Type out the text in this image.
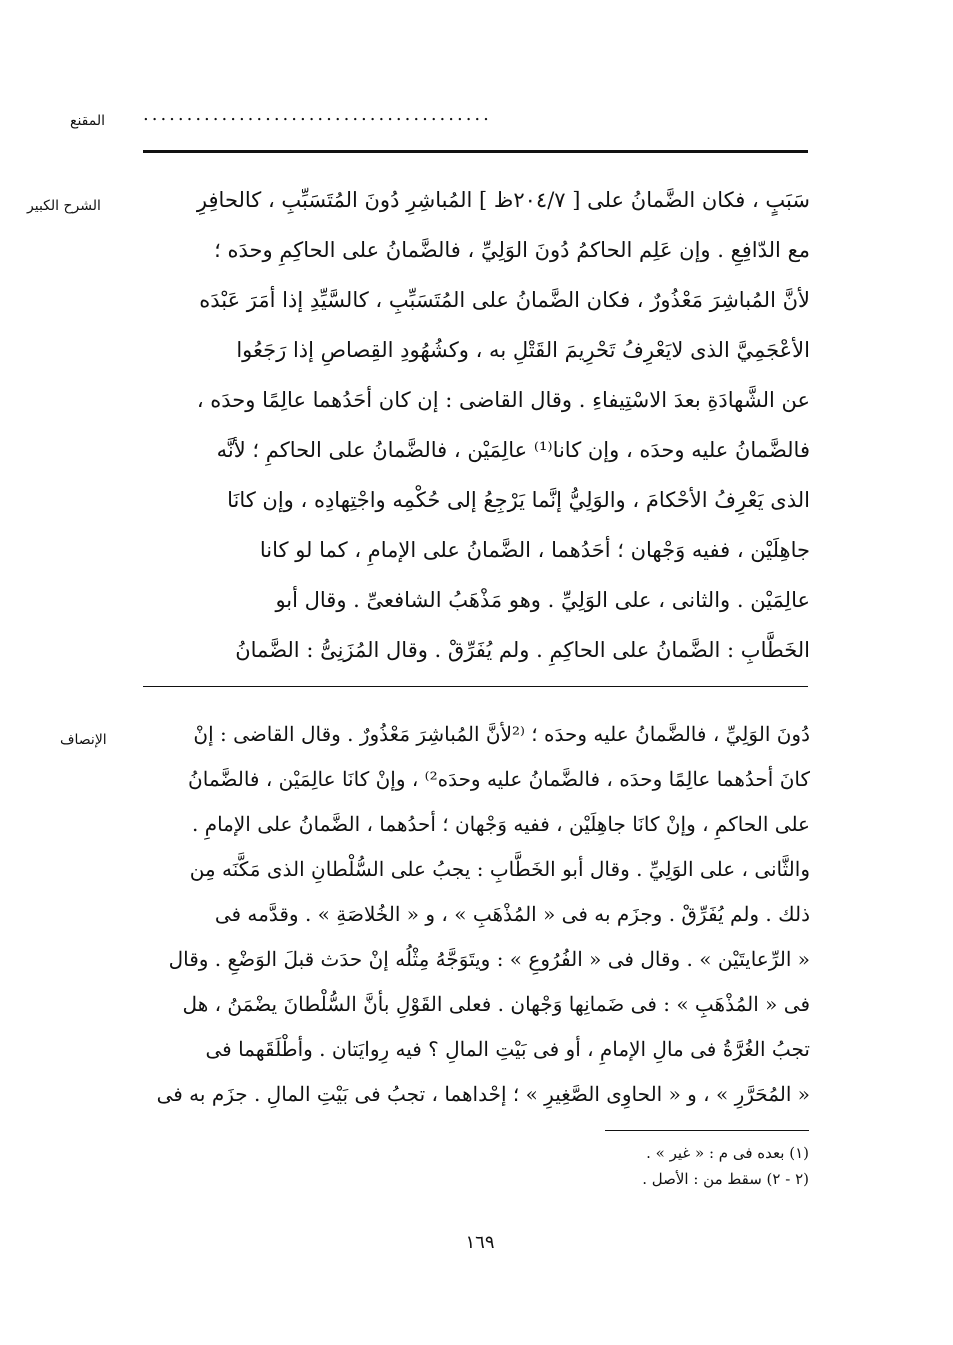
المقنع ........................................
الشرح الكبير	سَبَبٍ ، فكان الضَّمانُ على [ ٢٠٤/٧ظ ] المُباشِرِ دُونَ المُتَسَبِّبِ ، كالحافِرِ
مع الدّافِعِ . وإن عَلِم الحاكمُ دُونَ الوَلِيِّ ، فالضَّمانُ على الحاكِمِ وحدَه ؛
لأنَّ المُباشِرَ مَعْذُورٌ ، فكان الضَّمانُ على المُتَسَبِّبِ ، كالسَّيِّدِ إذا أمَرَ عَبْدَه
الأعْجَمِيَّ الذى لايَعْرِفُ تَحْرِيمَ القَتْلِ به ، وكشُهُودِ القِصاصِ إذا رَجَعُوا
عن الشَّهادَةِ بعدَ الاسْتِيفاءِ . وقال القاضى : إن كان أحَدُهما عالِمًا وحدَه ،
فالضَّمانُ عليه وحدَه ، وإن كانا⁽¹⁾ عالِمَيْن ، فالضَّمانُ على الحاكمِ ؛ لأنَّه
الذى يَعْرِفُ الأحْكامَ ، والوَلِيُّ إنَّما يَرْجِعُ إلى حُكْمِه واجْتِهادِه ، وإن كانَا
جاهِلَيْن ، ففيه وَجْهان ؛ أحَدُهما ، الضَّمانُ على الإمامِ ، كما لو كانا
عالِمَيْن . والثانى ، على الوَلِيِّ . وهو مَذْهَبُ الشافعىِّ . وقال أبو
الخَطَّابِ : الضَّمانُ على الحاكِمِ . ولم يُفَرِّقْ . وقال المُزَنِىُّ : الضَّمانُ
الإنصاف	دُونَ الوَلِيِّ ، فالضَّمانُ عليه وحدَه ؛ ⁽²لأنَّ المُباشِرَ مَعْذُورٌ . وقال القاضى : إنْ
كانَ أحدُهما عالِمًا وحدَه ، فالضَّمانُ عليه وحدَه²⁾ ، وإنْ كانَا عالِمَيْن ، فالضَّمانُ
على الحاكمِ ، وإنْ كانَا جاهِلَيْن ، ففيه وَجْهان ؛ أحدُهما ، الضَّمانُ على الإمامِ .
والثَّانى ، على الوَلِيِّ . وقال أبو الخَطَّابِ : يجبُ على السُّلْطانِ الذى مَكَّنَه مِن
ذلك . ولم يُفَرِّقْ . وجزَم به فى « المُذْهَبِ » ، و « الخُلاصَةِ » . وقدَّمه فى
« الرِّعايتَيْن » . وقال فى « الفُرُوعِ » : ويتَوَجَّهُ مِثْلُه إنْ حدَث قبلَ الوَضْعِ . وقال
فى « المُذْهَبِ » : فى ضَمانِها وَجْهان . فعلى القَوْلِ بأنَّ السُّلْطانَ يضْمَنُ ، هل
تجبُ الغُرَّةُ فى مالِ الإمامِ ، أو فى بَيْتِ المالِ ؟ فيه رِوايَتان . وأطْلَقَهما فى
« المُحَرَّرِ » ، و « الحاوِى الصَّغِيرِ » ؛ إحْداهما ، تجبُ فى بَيْتِ المالِ . جزَم به فى
(١) بعده فى م : « غير » .
(٢ - ٢) سقط من : الأصل .
١٦٩
